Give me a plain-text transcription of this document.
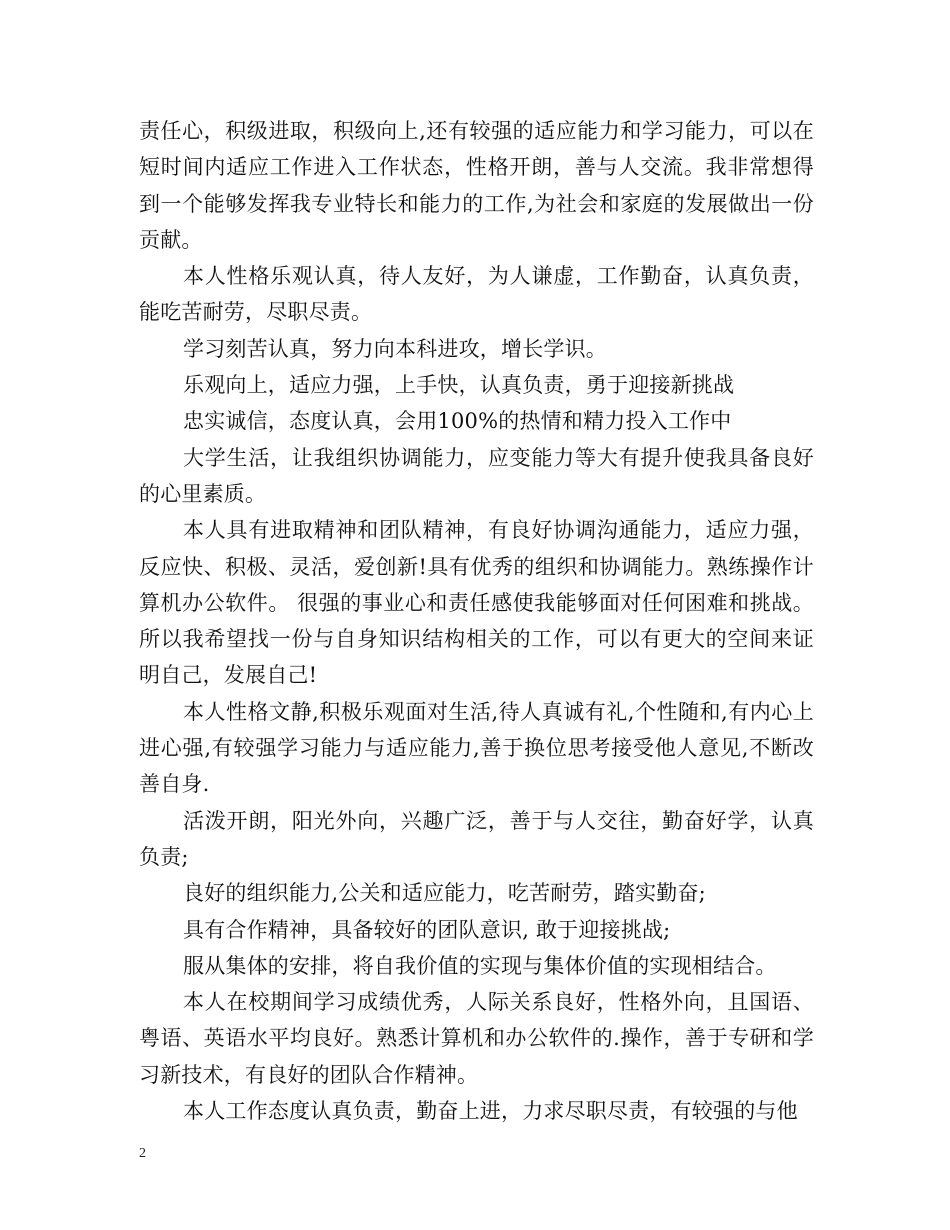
责任心，积级进取，积级向上,还有较强的适应能力和学习能力，可以在短时间内适应工作进入工作状态，性格开朗，善与人交流。我非常想得到一个能够发挥我专业特长和能力的工作,为社会和家庭的发展做出一份贡献。

本人性格乐观认真，待人友好，为人谦虚，工作勤奋，认真负责，能吃苦耐劳，尽职尽责。

学习刻苦认真，努力向本科进攻，增长学识。

乐观向上，适应力强，上手快，认真负责，勇于迎接新挑战

忠实诚信，态度认真，会用100%的热情和精力投入工作中

大学生活，让我组织协调能力，应变能力等大有提升使我具备良好的心里素质。

本人具有进取精神和团队精神，有良好协调沟通能力，适应力强，反应快、积极、灵活，爱创新!具有优秀的组织和协调能力。熟练操作计算机办公软件。 很强的事业心和责任感使我能够面对任何困难和挑战。所以我希望找一份与自身知识结构相关的工作，可以有更大的空间来证明自己，发展自己!

本人性格文静,积极乐观面对生活,待人真诚有礼,个性随和,有内心上进心强,有较强学习能力与适应能力,善于换位思考接受他人意见,不断改善自身.

活泼开朗，阳光外向，兴趣广泛，善于与人交往，勤奋好学，认真负责;

良好的组织能力,公关和适应能力，吃苦耐劳，踏实勤奋;

具有合作精神，具备较好的团队意识, 敢于迎接挑战;

服从集体的安排，将自我价值的实现与集体价值的实现相结合。

本人在校期间学习成绩优秀，人际关系良好，性格外向，且国语、粤语、英语水平均良好。熟悉计算机和办公软件的.操作，善于专研和学习新技术，有良好的团队合作精神。

本人工作态度认真负责，勤奋上进，力求尽职尽责，有较强的与他

2
